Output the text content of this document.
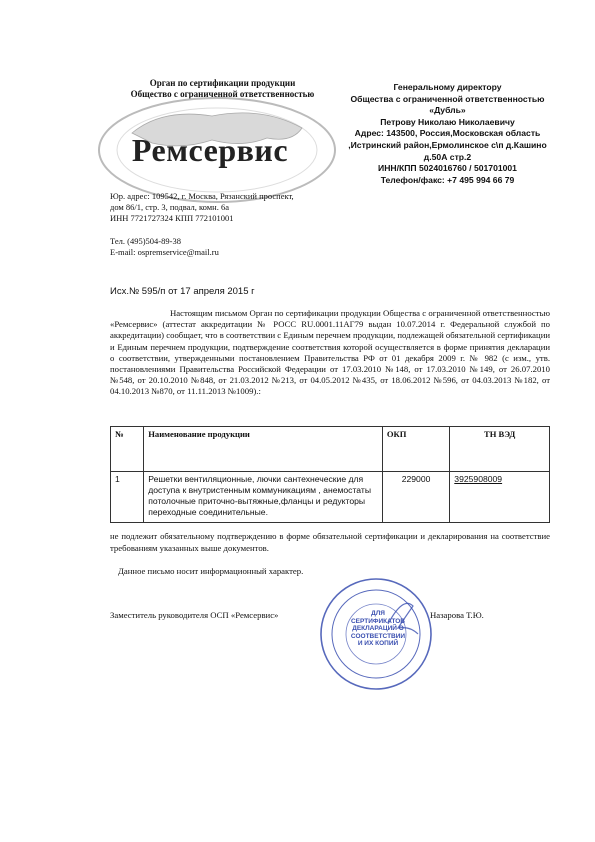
Орган по сертификации продукции
Общество с ограниченной ответственностью
Ремсервис
Юр. адрес: 109542, г. Москва, Рязанский проспект,
дом 86/1, стр. 3, подвал, комн. 6а
ИНН 7721727324 КПП 772101001
Тел. (495)504-89-38
E-mail: ospremservice@mail.ru
Генеральному директору
Общества с ограниченной ответственностью
«Дубль»
Петрову Николаю Николаевичу
Адрес: 143500, Россия,Московская область
,Истринский район,Ермолинское с\п д.Кашино
д.50А стр.2
ИНН/КПП 5024016760 / 501701001
Телефон/факс: +7 495 994 66 79
Исх.№ 595/п от 17 апреля 2015 г
Настоящим письмом Орган по сертификации продукции Общества с ограниченной ответственностью «Ремсервис» (аттестат аккредитации № РОСС RU.0001.11АГ79 выдан 10.07.2014 г. Федеральной службой по аккредитации) сообщает, что в соответствии с Единым перечнем продукции, подлежащей обязательной сертификации и Единым перечнем продукции, подтверждение соответствия которой осуществляется в форме принятия декларации о соответствии, утвержденными постановлением Правительства РФ от 01 декабря 2009 г. № 982 (с изм., утв. постановлениями Правительства Российской Федерации от 17.03.2010 №148, от 17.03.2010 №149, от 26.07.2010 №548, от 20.10.2010 №848, от 21.03.2012 №213, от 04.05.2012 №435, от 18.06.2012 №596, от 04.03.2013 №182, от 04.10.2013 №870, от 11.11.2013 №1009).:
№	Наименование продукции	ОКП	ТН ВЭД
1	Решетки вентиляционные, лючки сантехнеческие для доступа к внутристенным коммуникациям , анемостаты потолочные приточно-вытяжные,фланцы и редукторы переходные соединительные.	229000	3925908009
не подлежит обязательному подтверждению в форме обязательной сертификации и декларирования на соответствие требованиям указанных выше документов.
Данное письмо носит информационный характер.
ДЛЯ
СЕРТИФИКАТОВ
ДЕКЛАРАЦИЙ О
СООТВЕТСТВИИ
И ИХ КОПИЙ
Заместитель руководителя ОСП «Ремсервис»	Назарова Т.Ю.
